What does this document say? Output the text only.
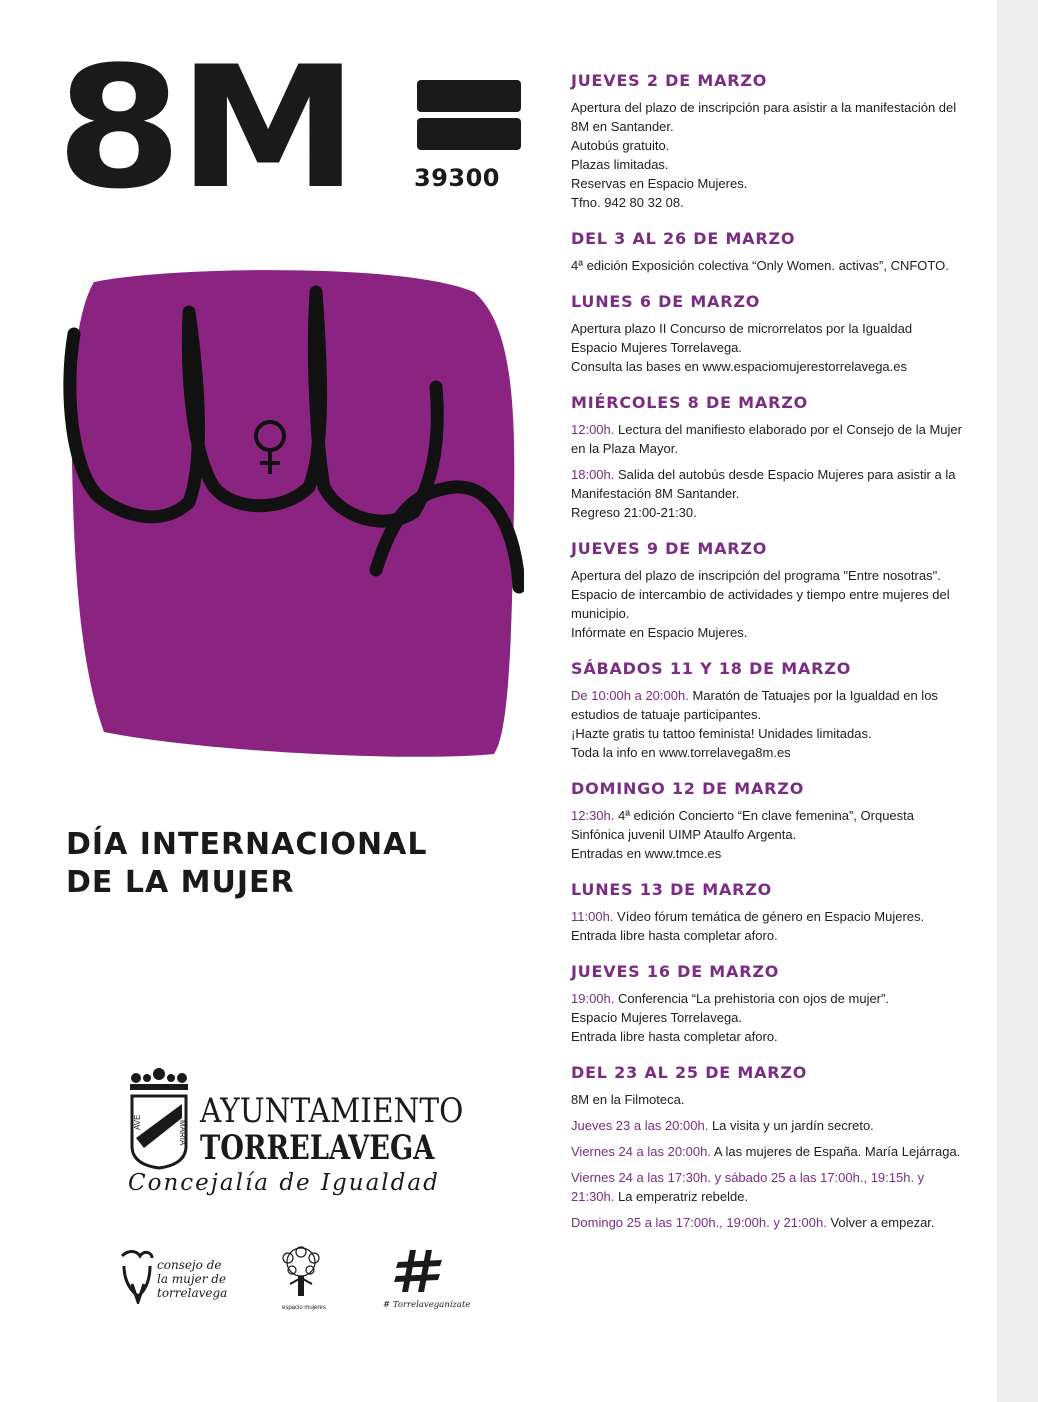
8M 39300
DÍA INTERNACIONAL
DE LA MUJER
AVE	MARIA
AYUNTAMIENTO
TORRELAVEGA
Concejalía de Igualdad
consejo de
la mujer de
torrelavega
espacio mujeres	# Torrelaveganízate
JUEVES 2 DE MARZO
Apertura del plazo de inscripción para asistir a la manifestación del 8M en Santander.
Autobús gratuito.
Plazas limitadas.
Reservas en Espacio Mujeres.
Tfno. 942 80 32 08.
DEL 3 AL 26 DE MARZO
4ª edición Exposición colectiva “Only Women. activas”, CNFOTO.
LUNES 6 DE MARZO
Apertura plazo II Concurso de microrrelatos por la Igualdad
Espacio Mujeres Torrelavega.
Consulta las bases en www.espaciomujerestorrelavega.es
MIÉRCOLES 8 DE MARZO
12:00h. Lectura del manifiesto elaborado por el Consejo de la Mujer en la Plaza Mayor.
18:00h. Salida del autobús desde Espacio Mujeres para asistir a la Manifestación 8M Santander.
Regreso 21:00-21:30.
JUEVES 9 DE MARZO
Apertura del plazo de inscripción del programa "Entre nosotras". Espacio de intercambio de actividades y tiempo entre mujeres del municipio.
Infórmate en Espacio Mujeres.
SÁBADOS 11 Y 18 DE MARZO
De 10:00h a 20:00h. Maratón de Tatuajes por la Igualdad en los estudios de tatuaje participantes.
¡Hazte gratis tu tattoo feminista! Unidades limitadas.
Toda la info en www.torrelavega8m.es
DOMINGO 12 DE MARZO
12:30h. 4ª edición Concierto “En clave femenina”, Orquesta Sinfónica juvenil UIMP Ataulfo Argenta.
Entradas en www.tmce.es
LUNES 13 DE MARZO
11:00h. Vídeo fórum temática de género en Espacio Mujeres.
Entrada libre hasta completar aforo.
JUEVES 16 DE MARZO
19:00h. Conferencia “La prehistoria con ojos de mujer”.
Espacio Mujeres Torrelavega.
Entrada libre hasta completar aforo.
DEL 23 AL 25 DE MARZO
8M en la Filmoteca.
Jueves 23 a las 20:00h. La visita y un jardín secreto.
Viernes 24 a las 20:00h. A las mujeres de España. María Lejárraga.
Viernes 24 a las 17:30h. y sábado 25 a las 17:00h., 19:15h. y 21:30h. La emperatriz rebelde.
Domingo 25 a las 17:00h., 19:00h. y 21:00h. Volver a empezar.
